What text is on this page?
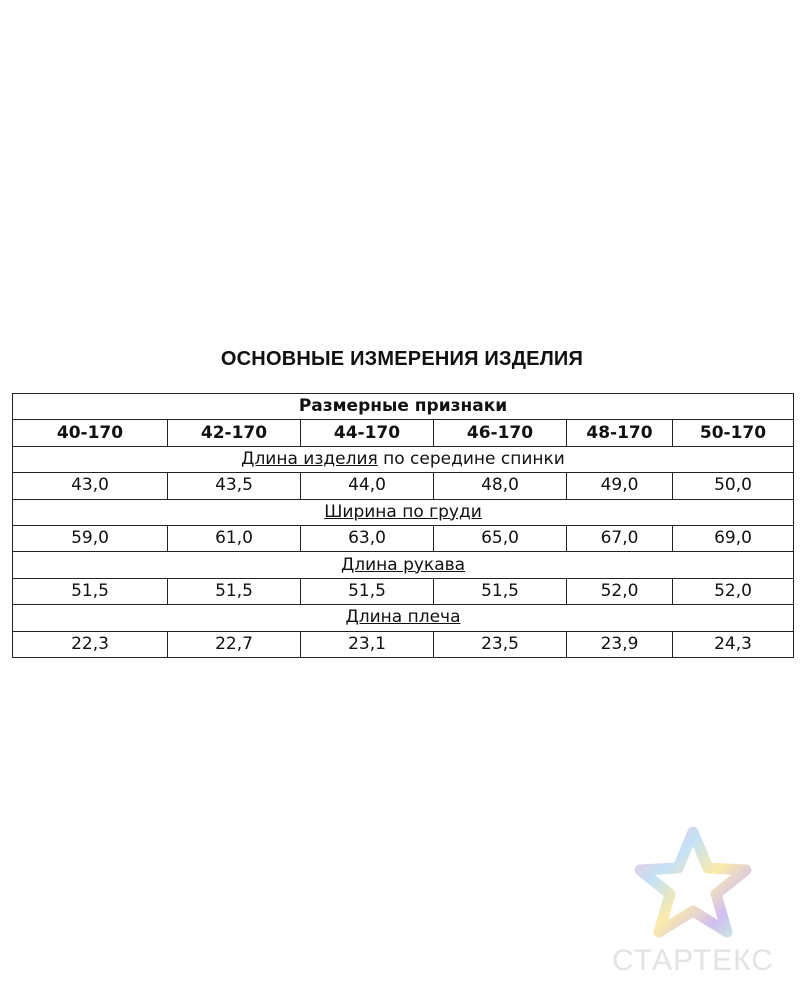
ОСНОВНЫЕ ИЗМЕРЕНИЯ ИЗДЕЛИЯ
Размерные признаки					
40-170	42-170	44-170	46-170	48-170	50-170
Длина изделия по середине спинки					
43,0	43,5	44,0	48,0	49,0	50,0
Ширина по груди					
59,0	61,0	63,0	65,0	67,0	69,0
Длина рукава					
51,5	51,5	51,5	51,5	52,0	52,0
Длина плеча					
22,3	22,7	23,1	23,5	23,9	24,3
СТАРТЕКС
